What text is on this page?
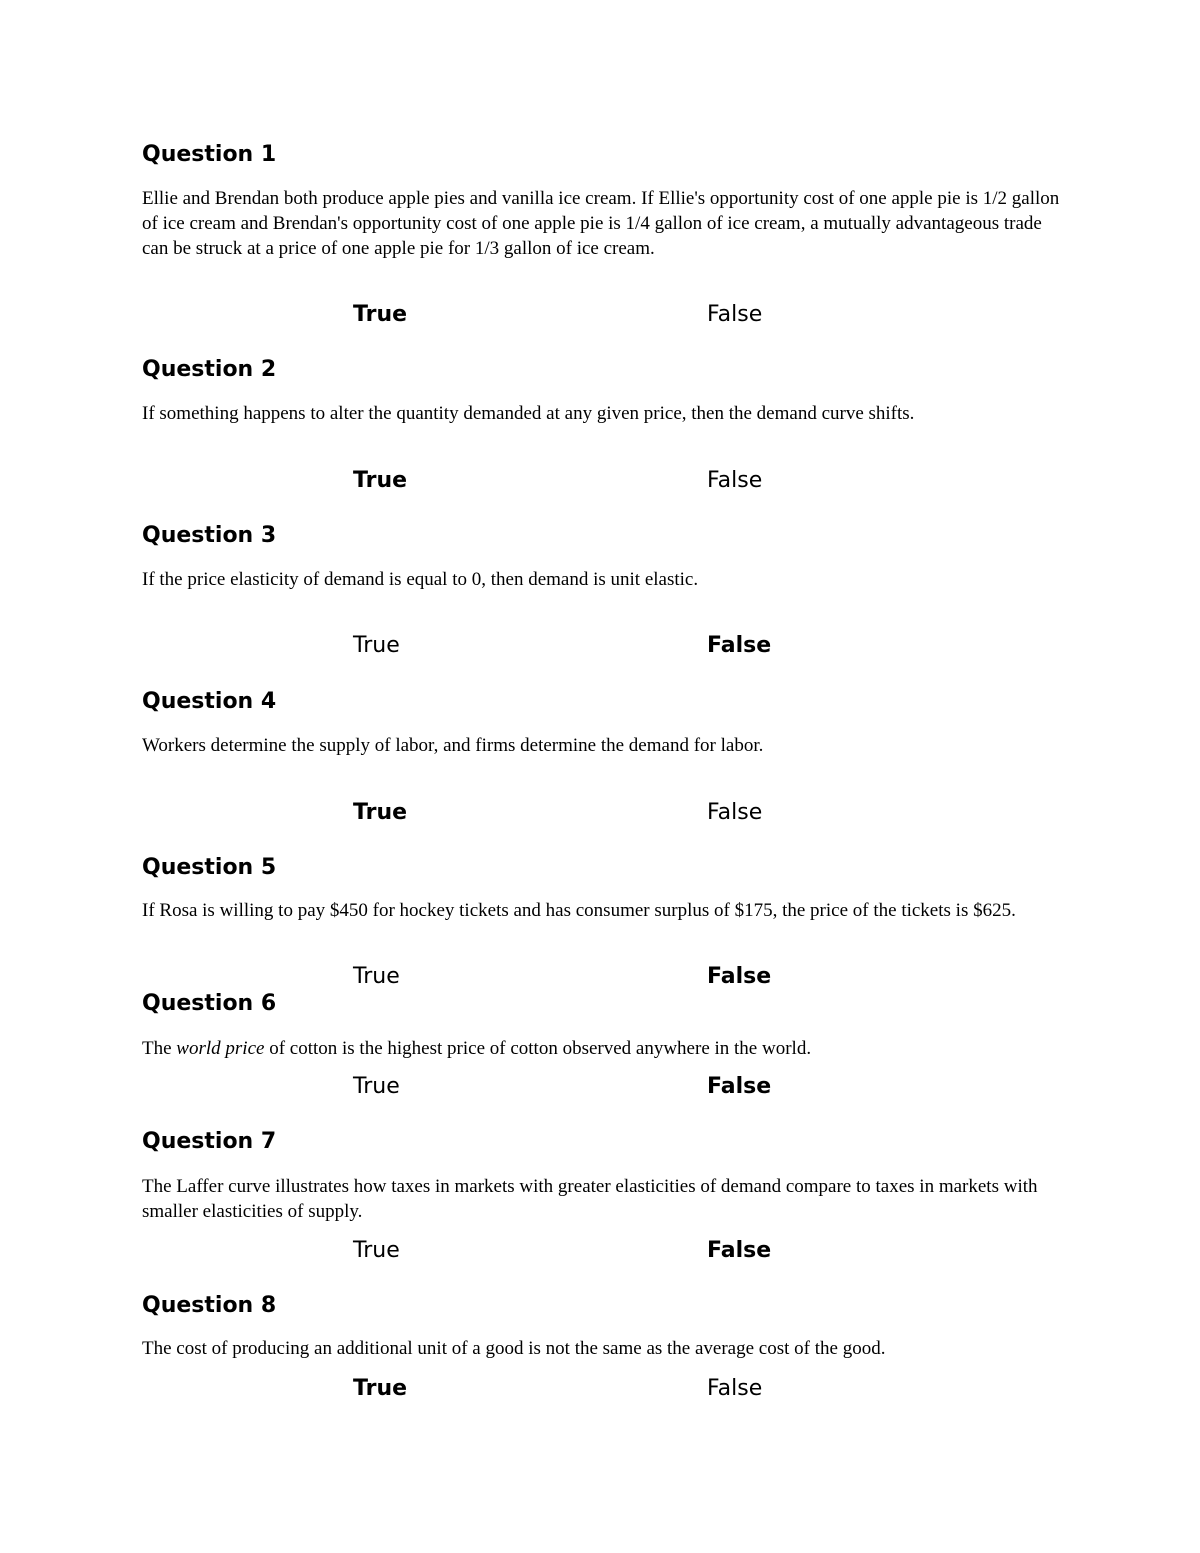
Question 1

Ellie and Brendan both produce apple pies and vanilla ice cream. If Ellie's opportunity cost of one apple pie is 1/2 gallon of ice cream and Brendan's opportunity cost of one apple pie is 1/4 gallon of ice cream, a mutually advantageous trade can be struck at a price of one apple pie for 1/3 gallon of ice cream.

True	False
Question 2

If something happens to alter the quantity demanded at any given price, then the demand curve shifts.

True	False
Question 3

If the price elasticity of demand is equal to 0, then demand is unit elastic.

True	False
Question 4

Workers determine the supply of labor, and firms determine the demand for labor.

True	False
Question 5

If Rosa is willing to pay $450 for hockey tickets and has consumer surplus of $175, the price of the tickets is $625.

True	False
Question 6

The world price of cotton is the highest price of cotton observed anywhere in the world.

True	False
Question 7

The Laffer curve illustrates how taxes in markets with greater elasticities of demand compare to taxes in markets with smaller elasticities of supply.

True	False
Question 8

The cost of producing an additional unit of a good is not the same as the average cost of the good.

True	False
